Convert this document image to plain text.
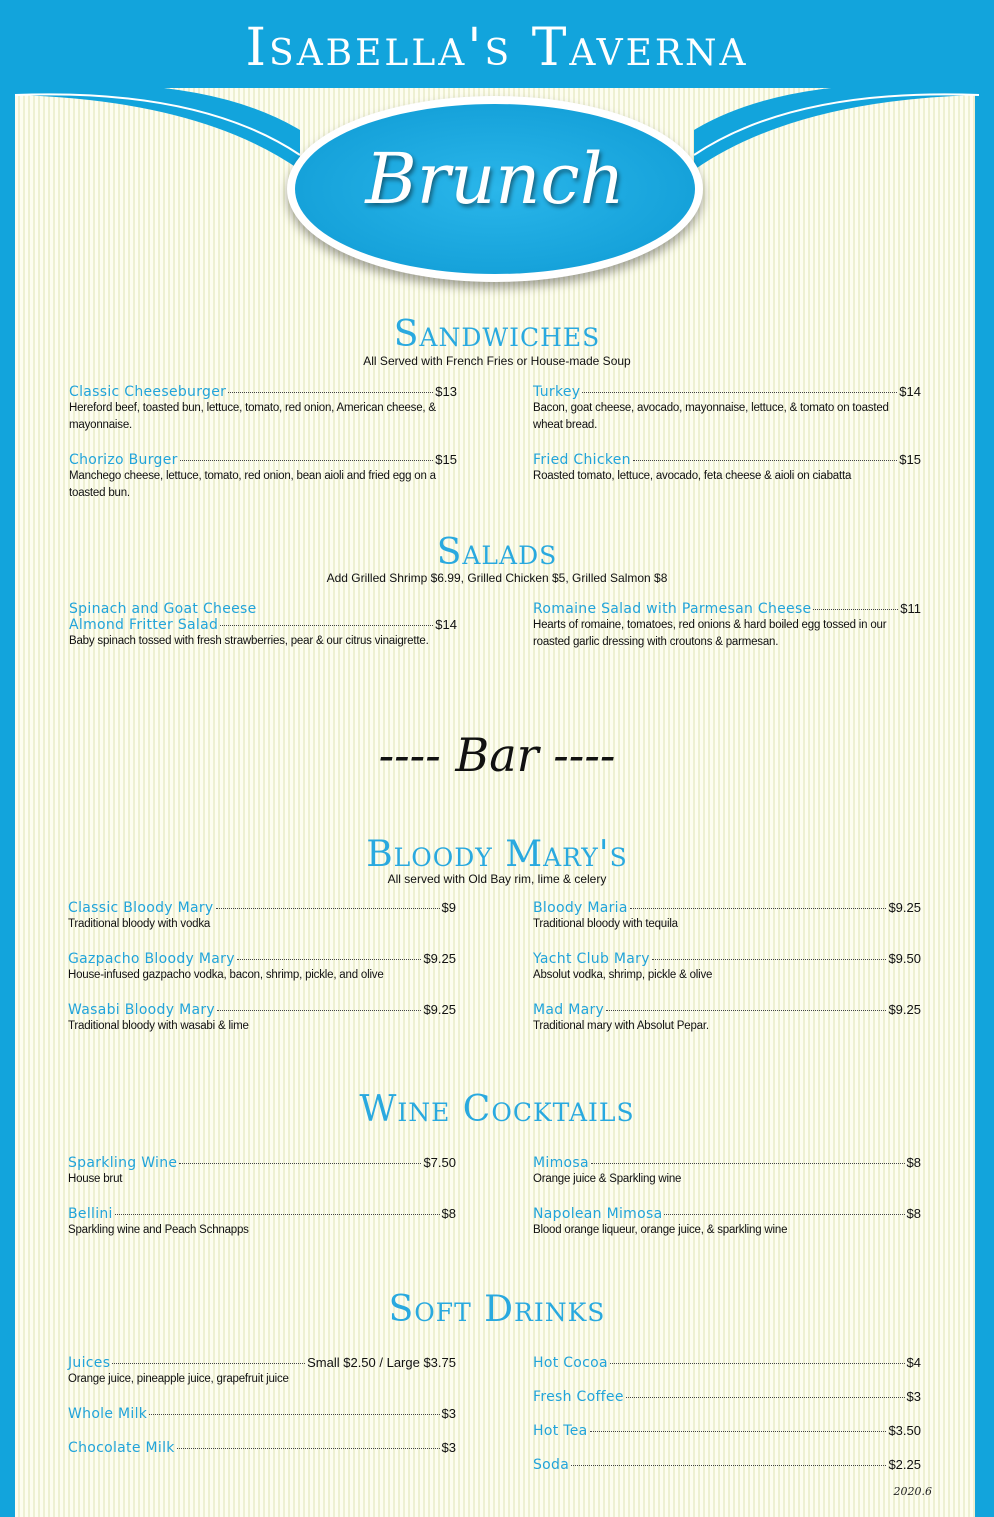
Isabella's Taverna
Brunch
Sandwiches
All Served with French Fries or House-made Soup
Classic Cheeseburger	$13
Hereford beef, toasted bun, lettuce, tomato, red onion, American cheese, & mayonnaise.
Turkey	$14
Bacon, goat cheese, avocado, mayonnaise, lettuce, & tomato on toasted wheat bread.
Chorizo Burger	$15
Manchego cheese, lettuce, tomato, red onion, bean aioli and fried egg on a toasted bun.
Fried Chicken	$15
Roasted tomato, lettuce, avocado, feta cheese & aioli on ciabatta
Salads
Add Grilled Shrimp $6.99, Grilled Chicken $5, Grilled Salmon $8
Spinach and Goat Cheese
Almond Fritter Salad	$14
Baby spinach tossed with fresh strawberries, pear & our citrus vinaigrette.
Romaine Salad with Parmesan Cheese	$11
Hearts of romaine, tomatoes, red onions & hard boiled egg tossed in our roasted garlic dressing with croutons & parmesan.
---- Bar ----
Bloody Mary's
All served with Old Bay rim, lime & celery
Classic Bloody Mary	$9
Traditional bloody with vodka
Bloody Maria	$9.25
Traditional bloody with tequila
Gazpacho Bloody Mary	$9.25
House-infused gazpacho vodka, bacon, shrimp, pickle, and olive
Yacht Club Mary	$9.50
Absolut vodka, shrimp, pickle & olive
Wasabi Bloody Mary	$9.25
Traditional bloody with wasabi & lime
Mad Mary	$9.25
Traditional mary with Absolut Pepar.
Wine Cocktails
Sparkling Wine	$7.50
House brut
Mimosa	$8
Orange juice & Sparkling wine
Bellini	$8
Sparkling wine and Peach Schnapps
Napolean Mimosa	$8
Blood orange liqueur, orange juice, & sparkling wine
Soft Drinks
Juices	Small $2.50 / Large $3.75
Orange juice, pineapple juice, grapefruit juice
Whole Milk	$3
Chocolate Milk	$3
Hot Cocoa	$4
Fresh Coffee	$3
Hot Tea	$3.50
Soda	$2.25
2020.6
